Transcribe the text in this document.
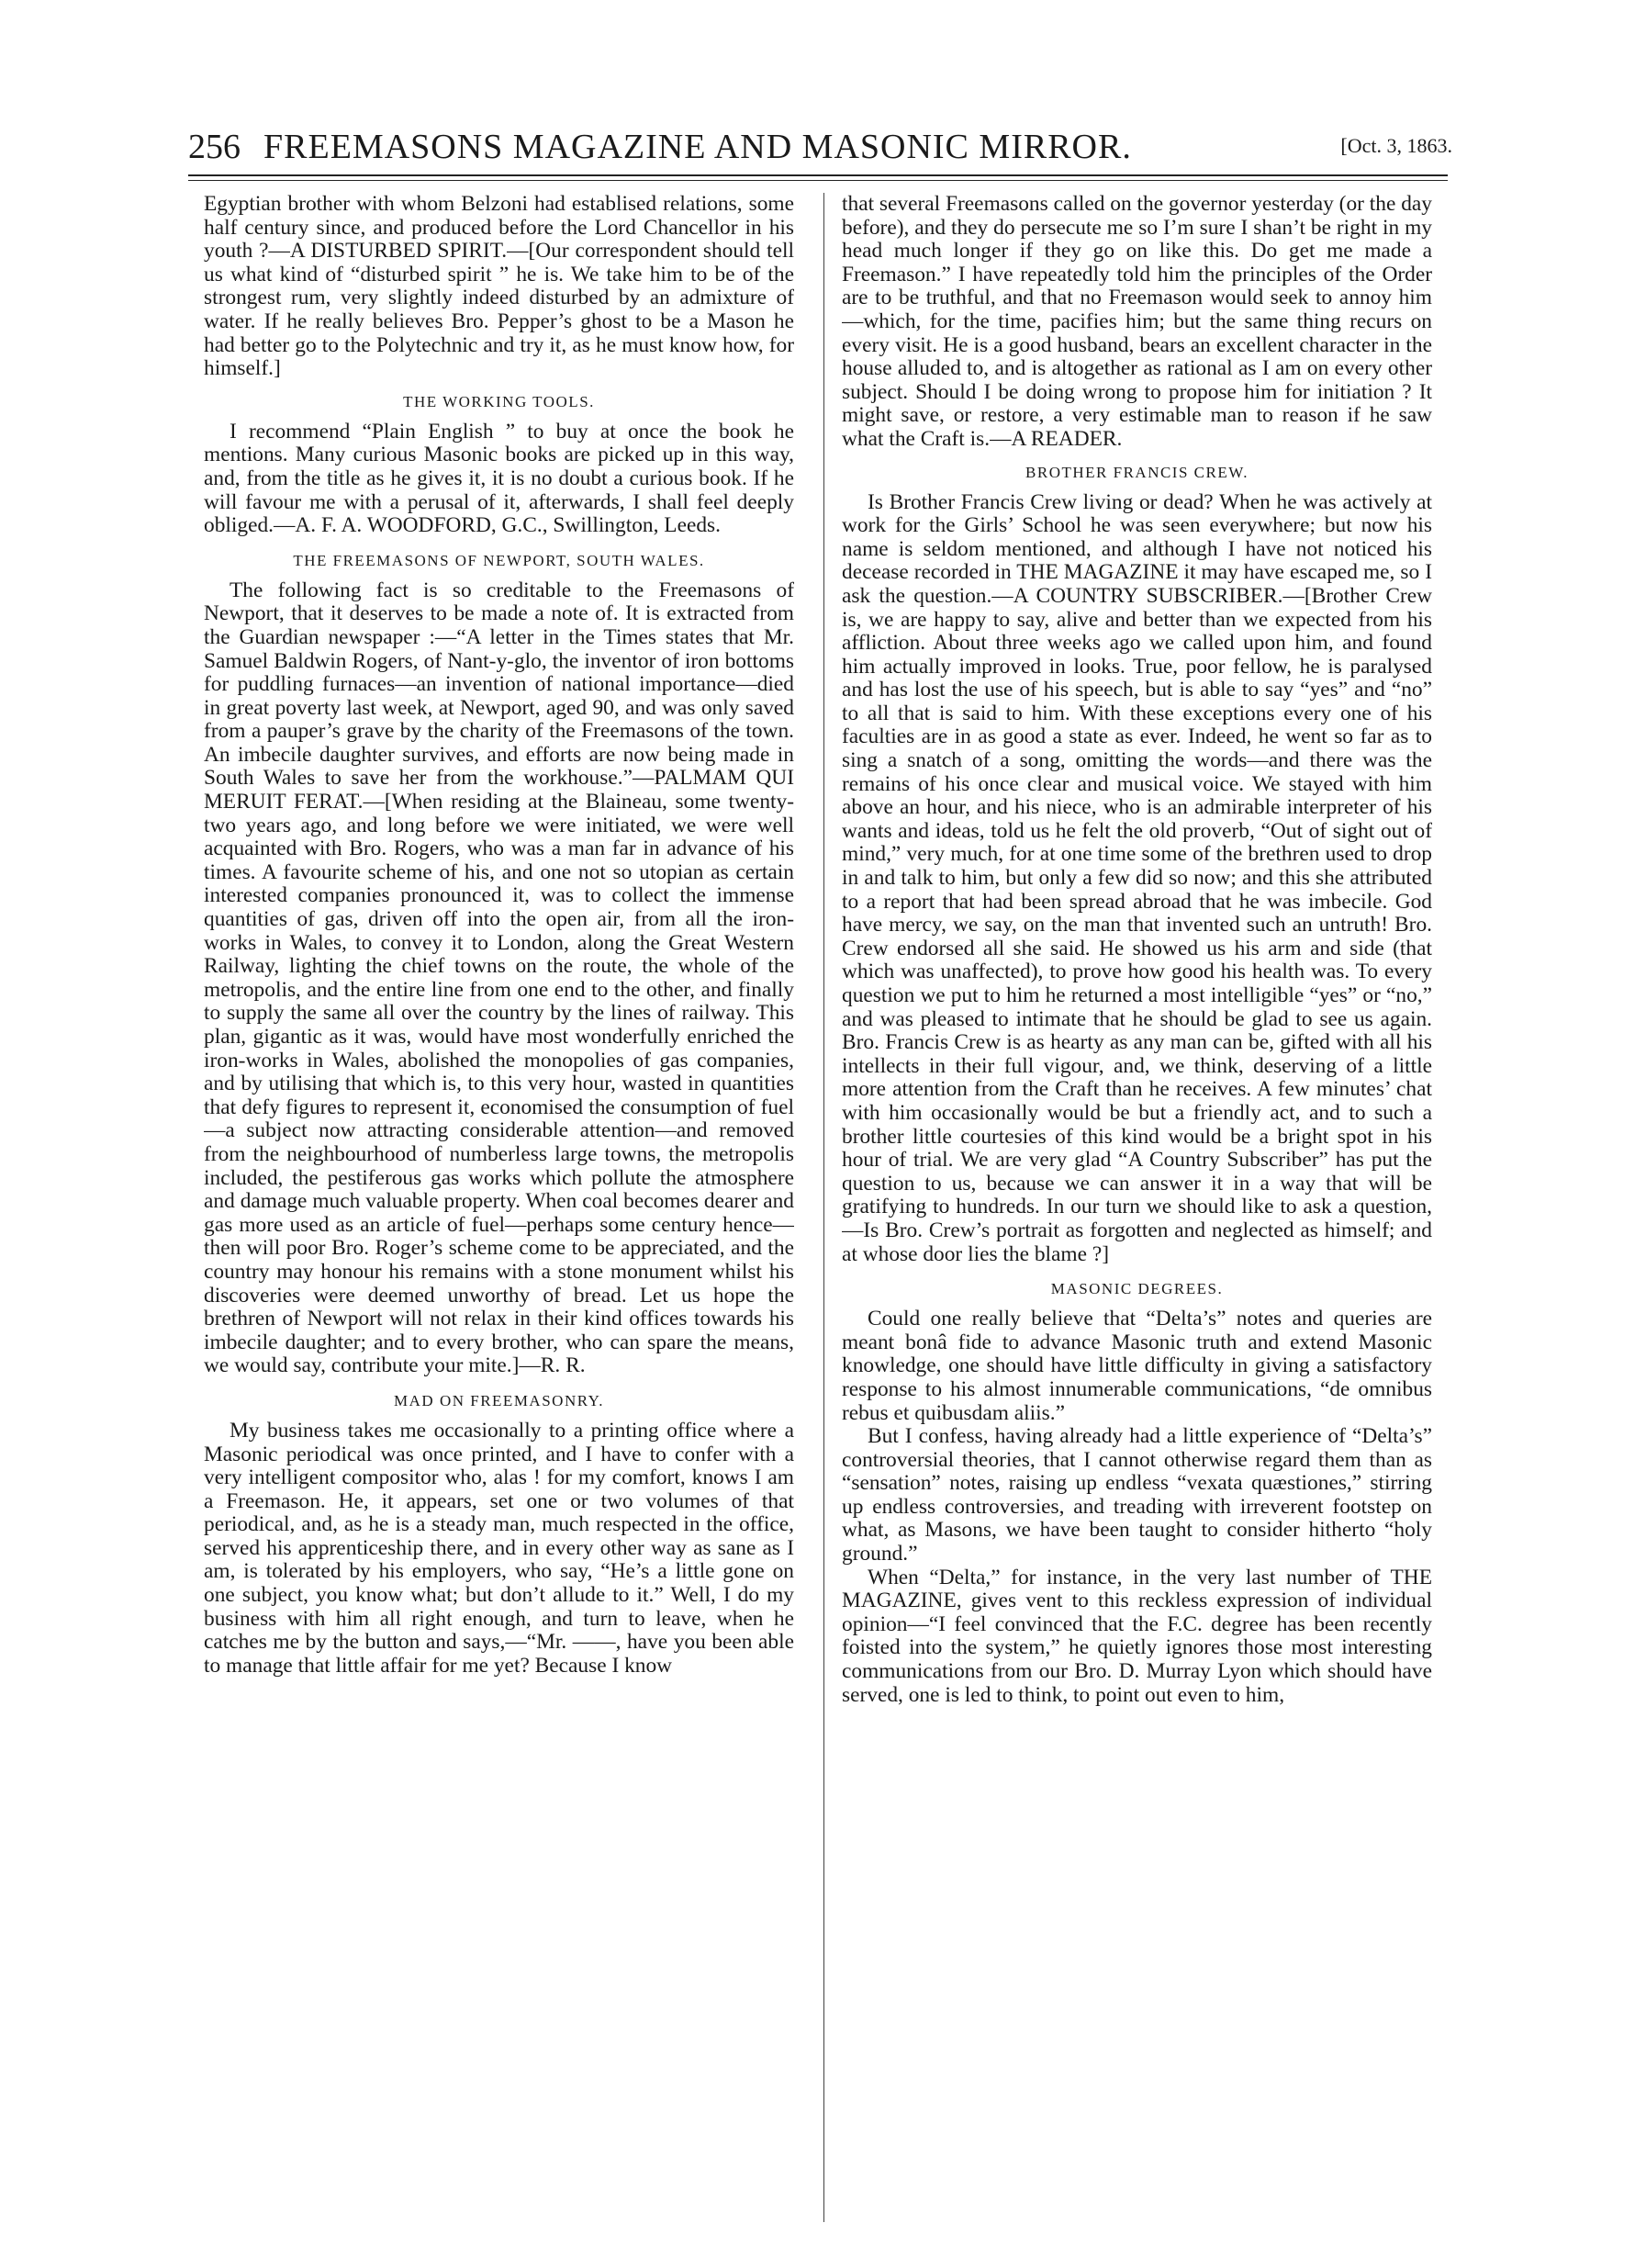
256 FREEMASONS MAGAZINE AND MASONIC MIRROR.	[Oct. 3, 1863.

Egyptian brother with whom Belzoni had establised relations, some half century since, and produced before the Lord Chancellor in his youth ?—A DISTURBED SPIRIT.—[Our correspondent should tell us what kind of “disturbed spirit ” he is. We take him to be of the strongest rum, very slightly indeed disturbed by an admixture of water. If he really believes Bro. Pepper’s ghost to be a Mason he had better go to the Polytechnic and try it, as he must know how, for himself.]

THE WORKING TOOLS.

I recommend “Plain English ” to buy at once the book he mentions. Many curious Masonic books are picked up in this way, and, from the title as he gives it, it is no doubt a curious book. If he will favour me with a perusal of it, afterwards, I shall feel deeply obliged.—A. F. A. WOODFORD, G.C., Swillington, Leeds.

THE FREEMASONS OF NEWPORT, SOUTH WALES.

The following fact is so creditable to the Freemasons of Newport, that it deserves to be made a note of. It is extracted from the Guardian newspaper :—“A letter in the Times states that Mr. Samuel Baldwin Rogers, of Nant-y-glo, the inventor of iron bottoms for puddling furnaces—an invention of national importance—died in great poverty last week, at Newport, aged 90, and was only saved from a pauper’s grave by the charity of the Freemasons of the town. An imbecile daughter survives, and efforts are now being made in South Wales to save her from the workhouse.”—PALMAM QUI MERUIT FERAT.—[When residing at the Blaineau, some twenty-two years ago, and long before we were initiated, we were well acquainted with Bro. Rogers, who was a man far in advance of his times. A favourite scheme of his, and one not so utopian as certain interested companies pronounced it, was to collect the immense quantities of gas, driven off into the open air, from all the iron-works in Wales, to convey it to London, along the Great Western Railway, lighting the chief towns on the route, the whole of the metropolis, and the entire line from one end to the other, and finally to supply the same all over the country by the lines of railway. This plan, gigantic as it was, would have most wonderfully enriched the iron-works in Wales, abolished the monopolies of gas companies, and by utilising that which is, to this very hour, wasted in quantities that defy figures to represent it, economised the consumption of fuel—a subject now attracting considerable attention—and removed from the neighbourhood of numberless large towns, the metropolis included, the pestiferous gas works which pollute the atmosphere and damage much valuable property. When coal becomes dearer and gas more used as an article of fuel—perhaps some century hence—then will poor Bro. Roger’s scheme come to be appreciated, and the country may honour his remains with a stone monument whilst his discoveries were deemed unworthy of bread. Let us hope the brethren of Newport will not relax in their kind offices towards his imbecile daughter; and to every brother, who can spare the means, we would say, contribute your mite.]—R. R.

MAD ON FREEMASONRY.

My business takes me occasionally to a printing office where a Masonic periodical was once printed, and I have to confer with a very intelligent compositor who, alas ! for my comfort, knows I am a Freemason. He, it appears, set one or two volumes of that periodical, and, as he is a steady man, much respected in the office, served his apprenticeship there, and in every other way as sane as I am, is tolerated by his employers, who say, “He’s a little gone on one subject, you know what; but don’t allude to it.” Well, I do my business with him all right enough, and turn to leave, when he catches me by the button and says,—“Mr. ——, have you been able to manage that little affair for me yet? Because I know

that several Freemasons called on the governor yesterday (or the day before), and they do persecute me so I’m sure I shan’t be right in my head much longer if they go on like this. Do get me made a Freemason.” I have repeatedly told him the principles of the Order are to be truthful, and that no Freemason would seek to annoy him—which, for the time, pacifies him; but the same thing recurs on every visit. He is a good husband, bears an excellent character in the house alluded to, and is altogether as rational as I am on every other subject. Should I be doing wrong to propose him for initiation ? It might save, or restore, a very estimable man to reason if he saw what the Craft is.—A READER.

BROTHER FRANCIS CREW.

Is Brother Francis Crew living or dead? When he was actively at work for the Girls’ School he was seen everywhere; but now his name is seldom mentioned, and although I have not noticed his decease recorded in THE MAGAZINE it may have escaped me, so I ask the question.—A COUNTRY SUBSCRIBER.—[Brother Crew is, we are happy to say, alive and better than we expected from his affliction. About three weeks ago we called upon him, and found him actually improved in looks. True, poor fellow, he is paralysed and has lost the use of his speech, but is able to say “yes” and “no” to all that is said to him. With these exceptions every one of his faculties are in as good a state as ever. Indeed, he went so far as to sing a snatch of a song, omitting the words—and there was the remains of his once clear and musical voice. We stayed with him above an hour, and his niece, who is an admirable interpreter of his wants and ideas, told us he felt the old proverb, “Out of sight out of mind,” very much, for at one time some of the brethren used to drop in and talk to him, but only a few did so now; and this she attributed to a report that had been spread abroad that he was imbecile. God have mercy, we say, on the man that invented such an untruth! Bro. Crew endorsed all she said. He showed us his arm and side (that which was unaffected), to prove how good his health was. To every question we put to him he returned a most intelligible “yes” or “no,” and was pleased to intimate that he should be glad to see us again. Bro. Francis Crew is as hearty as any man can be, gifted with all his intellects in their full vigour, and, we think, deserving of a little more attention from the Craft than he receives. A few minutes’ chat with him occasionally would be but a friendly act, and to such a brother little courtesies of this kind would be a bright spot in his hour of trial. We are very glad “A Country Subscriber” has put the question to us, because we can answer it in a way that will be gratifying to hundreds. In our turn we should like to ask a question,—Is Bro. Crew’s portrait as forgotten and neglected as himself; and at whose door lies the blame ?]

MASONIC DEGREES.

Could one really believe that “Delta’s” notes and queries are meant bonâ fide to advance Masonic truth and extend Masonic knowledge, one should have little difficulty in giving a satisfactory response to his almost innumerable communications, “de omnibus rebus et quibusdam aliis.”

But I confess, having already had a little experience of “Delta’s” controversial theories, that I cannot otherwise regard them than as “sensation” notes, raising up endless “vexata quæstiones,” stirring up endless controversies, and treading with irreverent footstep on what, as Masons, we have been taught to consider hitherto “holy ground.”

When “Delta,” for instance, in the very last number of THE MAGAZINE, gives vent to this reckless expression of individual opinion—“I feel convinced that the F.C. degree has been recently foisted into the system,” he quietly ignores those most interesting communications from our Bro. D. Murray Lyon which should have served, one is led to think, to point out even to him,
